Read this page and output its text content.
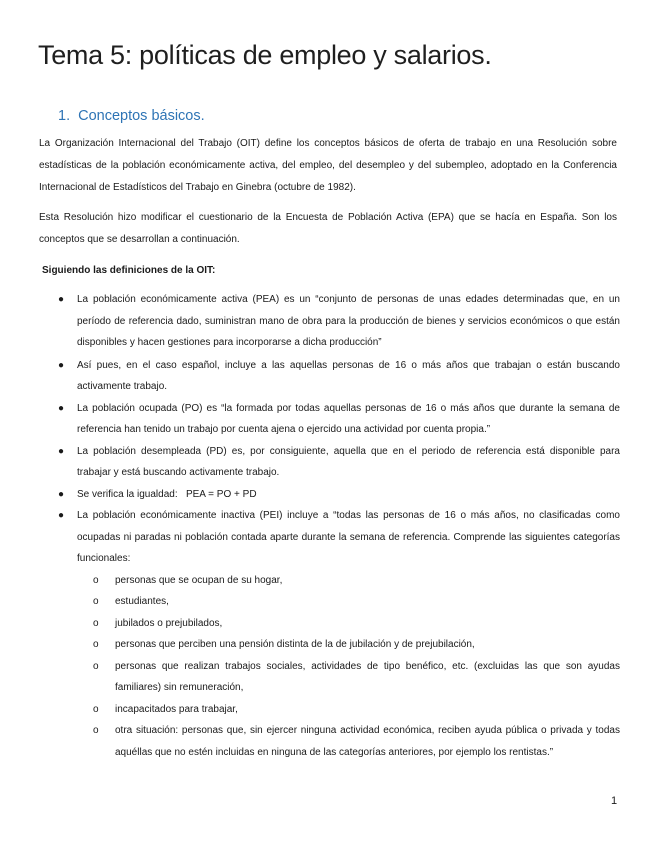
Tema 5: políticas de empleo y salarios.
1. Conceptos básicos.

La Organización Internacional del Trabajo (OIT) define los conceptos básicos de oferta de trabajo en una Resolución sobre estadísticas de la población económicamente activa, del empleo, del desempleo y del subempleo, adoptado en la Conferencia Internacional de Estadísticos del Trabajo en Ginebra (octubre de 1982).

Esta Resolución hizo modificar el cuestionario de la Encuesta de Población Activa (EPA) que se hacía en España. Son los conceptos que se desarrollan a continuación.

Siguiendo las definiciones de la OIT:

● La población económicamente activa (PEA) es un “conjunto de personas de unas edades determinadas que, en un período de referencia dado, suministran mano de obra para la producción de bienes y servicios económicos o que están disponibles y hacen gestiones para incorporarse a dicha producción”
● Así pues, en el caso español, incluye a las aquellas personas de 16 o más años que trabajan o están buscando activamente trabajo.
● La población ocupada (PO) es “la formada por todas aquellas personas de 16 o más años que durante la semana de referencia han tenido un trabajo por cuenta ajena o ejercido una actividad por cuenta propia.”
● La población desempleada (PD) es, por consiguiente, aquella que en el periodo de referencia está disponible para trabajar y está buscando activamente trabajo.
● Se verifica la igualdad:   PEA = PO + PD
● La población económicamente inactiva (PEI) incluye a “todas las personas de 16 o más años, no clasificadas como ocupadas ni paradas ni población contada aparte durante la semana de referencia. Comprende las siguientes categorías funcionales:
o personas que se ocupan de su hogar,
o estudiantes,
o jubilados o prejubilados,
o personas que perciben una pensión distinta de la de jubilación y de prejubilación,
o personas que realizan trabajos sociales, actividades de tipo benéfico, etc. (excluidas las que son ayudas familiares) sin remuneración,
o incapacitados para trabajar,
o otra situación: personas que, sin ejercer ninguna actividad económica, reciben ayuda pública o privada y todas aquéllas que no estén incluidas en ninguna de las categorías anteriores, por ejemplo los rentistas.”
1
